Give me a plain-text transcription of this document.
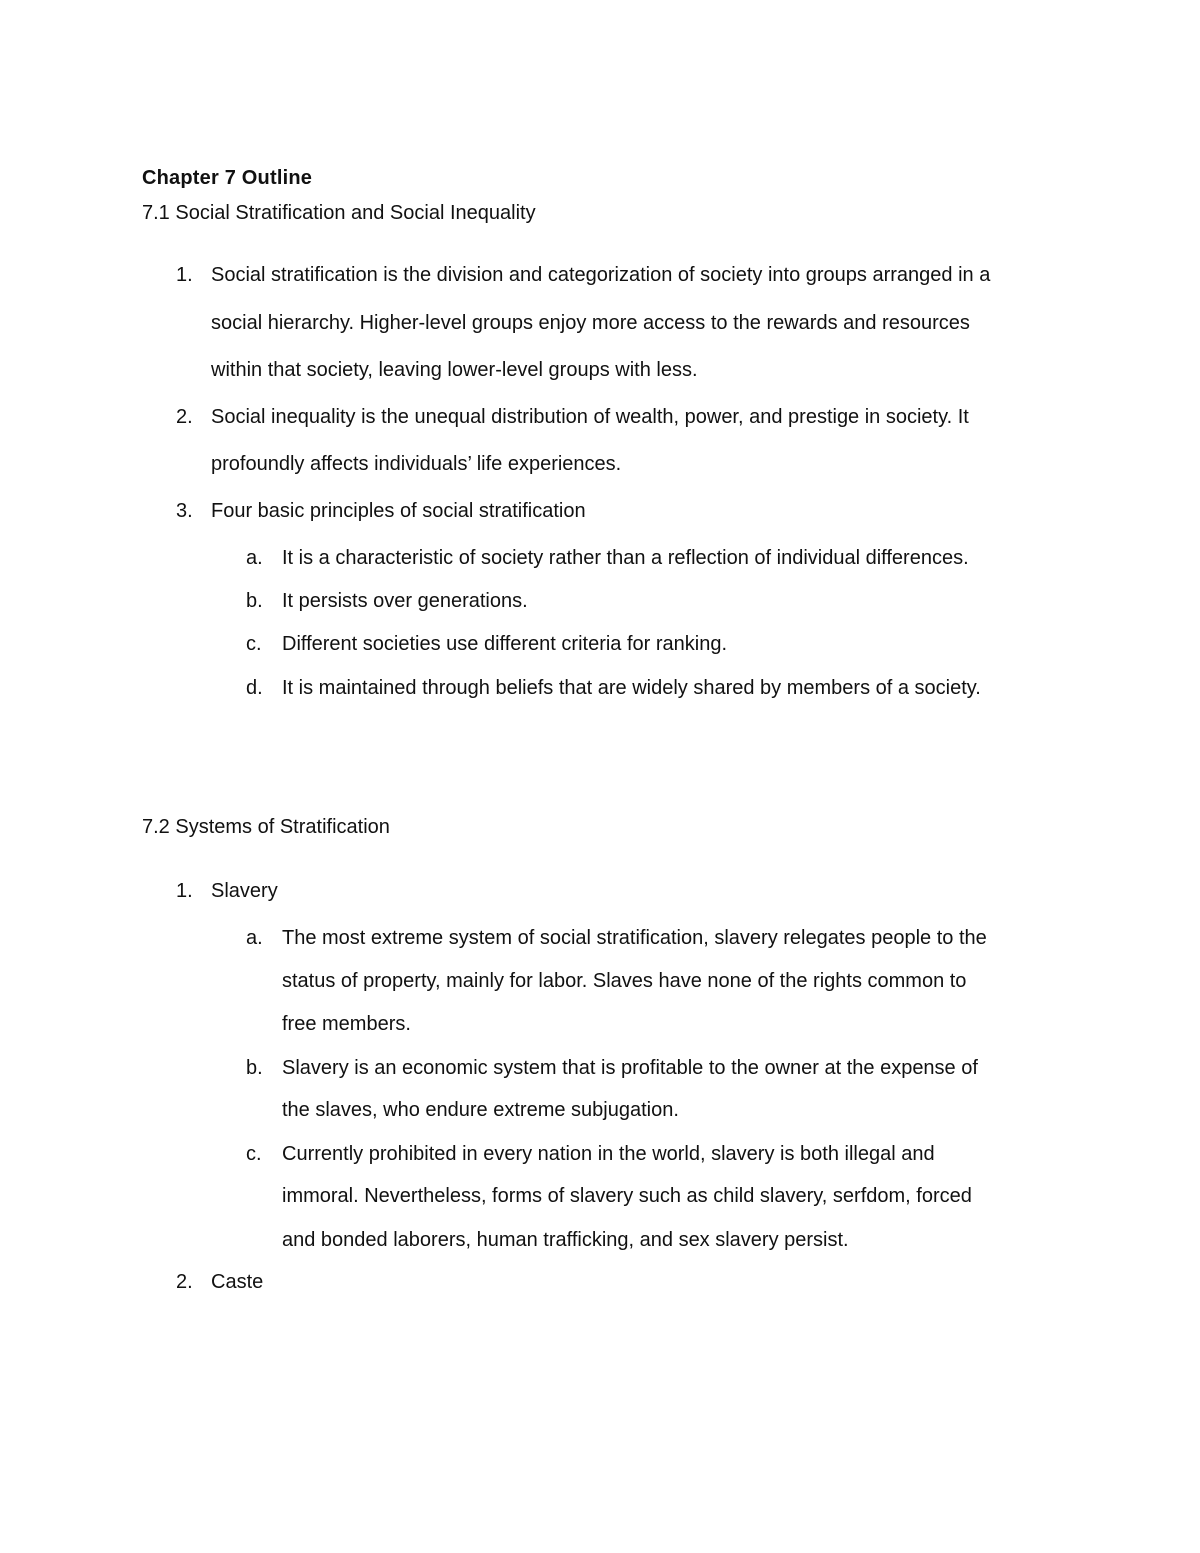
Chapter 7 Outline
7.1 Social Stratification and Social Inequality
1. Social stratification is the division and categorization of society into groups arranged in a
social hierarchy. Higher-level groups enjoy more access to the rewards and resources
within that society, leaving lower-level groups with less.
2. Social inequality is the unequal distribution of wealth, power, and prestige in society. It
profoundly affects individuals’ life experiences.
3. Four basic principles of social stratification
a. It is a characteristic of society rather than a reflection of individual differences.
b. It persists over generations.
c.	Different societies use different criteria for ranking.
d. It is maintained through beliefs that are widely shared by members of a society.
7.2 Systems of Stratification
1. Slavery
a. The most extreme system of social stratification, slavery relegates people to the
status of property, mainly for labor. Slaves have none of the rights common to
free members.
b. Slavery is an economic system that is profitable to the owner at the expense of
the slaves, who endure extreme subjugation.
c.	Currently prohibited in every nation in the world, slavery is both illegal and
immoral. Nevertheless, forms of slavery such as child slavery, serfdom, forced
and bonded laborers, human trafficking, and sex slavery persist.
2. Caste
